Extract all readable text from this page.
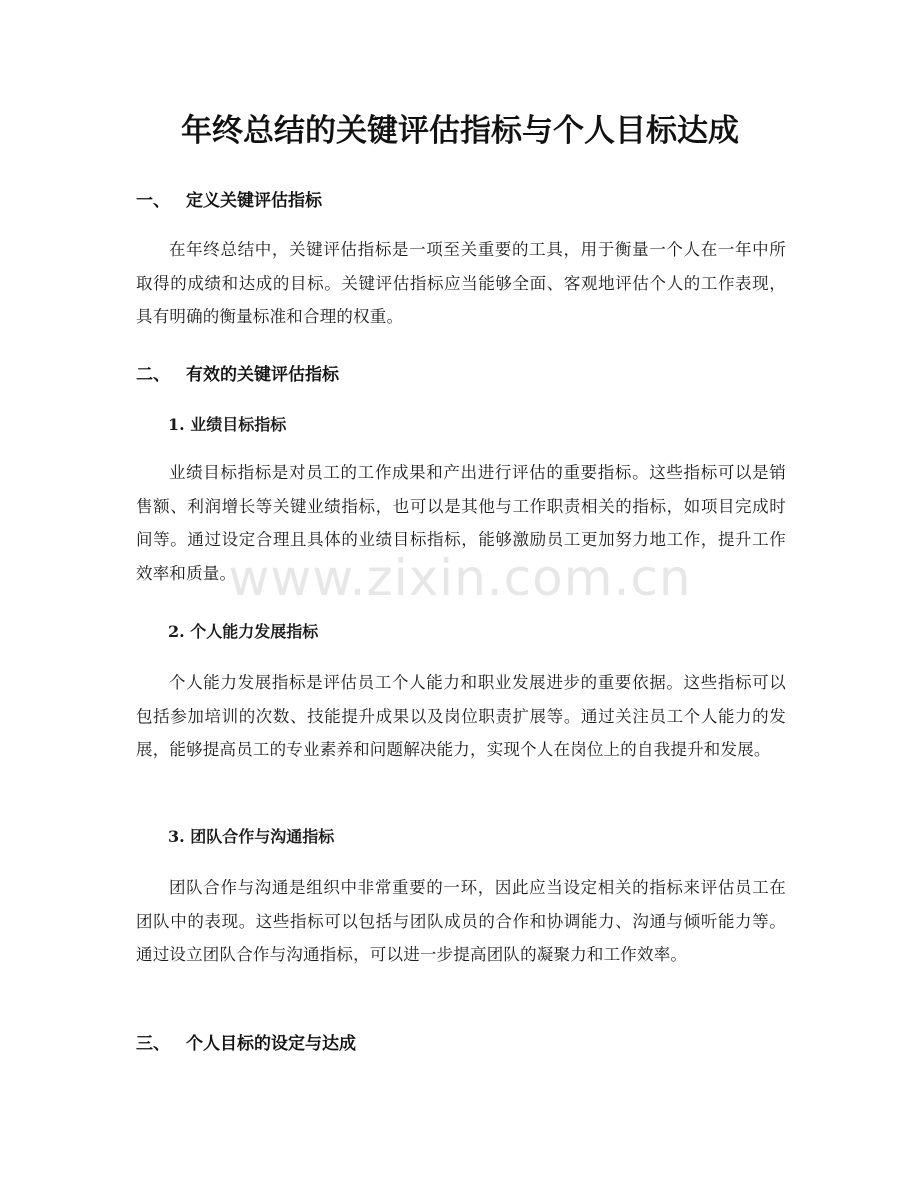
年终总结的关键评估指标与个人目标达成
一、 定义关键评估指标

在年终总结中，关键评估指标是一项至关重要的工具，用于衡量一个人在一年中所取得的成绩和达成的目标。关键评估指标应当能够全面、客观地评估个人的工作表现，具有明确的衡量标准和合理的权重。

二、 有效的关键评估指标
1. 业绩目标指标

业绩目标指标是对员工的工作成果和产出进行评估的重要指标。这些指标可以是销售额、利润增长等关键业绩指标，也可以是其他与工作职责相关的指标，如项目完成时间等。通过设定合理且具体的业绩目标指标，能够激励员工更加努力地工作，提升工作效率和质量。

2. 个人能力发展指标

个人能力发展指标是评估员工个人能力和职业发展进步的重要依据。这些指标可以包括参加培训的次数、技能提升成果以及岗位职责扩展等。通过关注员工个人能力的发展，能够提高员工的专业素养和问题解决能力，实现个人在岗位上的自我提升和发展。

3. 团队合作与沟通指标

团队合作与沟通是组织中非常重要的一环，因此应当设定相关的指标来评估员工在团队中的表现。这些指标可以包括与团队成员的合作和协调能力、沟通与倾听能力等。通过设立团队合作与沟通指标，可以进一步提高团队的凝聚力和工作效率。

三、 个人目标的设定与达成
www.zixin.com.cn
